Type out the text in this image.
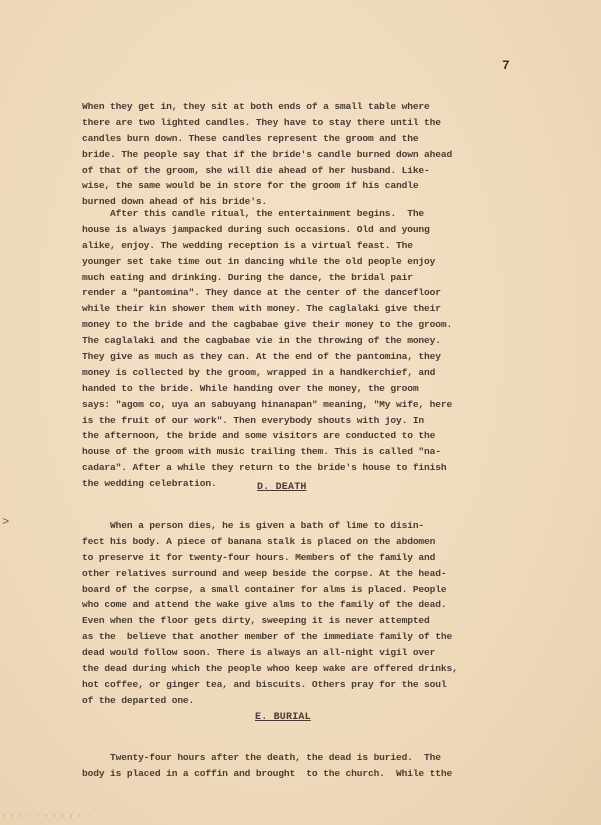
7
When they get in, they sit at both ends of a small table where
there are two lighted candles. They have to stay there until the
candles burn down. These candles represent the groom and the
bride. The people say that if the bride's candle burned down ahead
of that of the groom, she will die ahead of her husband. Like-
wise, the same would be in store for the groom if his candle
burned down ahead of his bride's.
After this candle ritual, the entertainment begins.  The
house is always jampacked during such occasions. Old and young
alike, enjoy. The wedding reception is a virtual feast. The
younger set take time out in dancing while the old people enjoy
much eating and drinking. During the dance, the bridal pair
render a "pantomina". They dance at the center of the dancefloor
while their kin shower them with money. The caglalaki give their
money to the bride and the cagbabae give their money to the groom.
The caglalaki and the cagbabae vie in the throwing of the money.
They give as much as they can. At the end of the pantomina, they
money is collected by the groom, wrapped in a handkerchief, and
handed to the bride. While handing over the money, the groom
says: "agom co, uya an sabuyang hinanapan" meaning, "My wife, here
is the fruit of our work". Then everybody shouts with joy. In
the afternoon, the bride and some visitors are conducted to the
house of the groom with music trailing them. This is called "na-
cadara". After a while they return to the bride's house to finish
the wedding celebration.	D. DEATH
>	When a person dies, he is given a bath of lime to disin-
fect his body. A piece of banana stalk is placed on the abdomen
to preserve it for twenty-four hours. Members of the family and
other relatives surround and weep beside the corpse. At the head-
board of the corpse, a small container for alms is placed. People
who come and attend the wake give alms to the family of the dead.
Even when the floor gets dirty, sweeping it is never attempted
as the  believe that another member of the immediate family of the
dead would follow soon. There is always an all-night vigil over
the dead during which the people whoo keep wake are offered drinks,
hot coffee, or ginger tea, and biscuits. Others pray for the soul
of the departed one.
E. BURIAL
Twenty-four hours after the death, the dead is buried.  The
body is placed in a coffin and brought  to the church.  While tthe
· · · · · · · · · · ·
